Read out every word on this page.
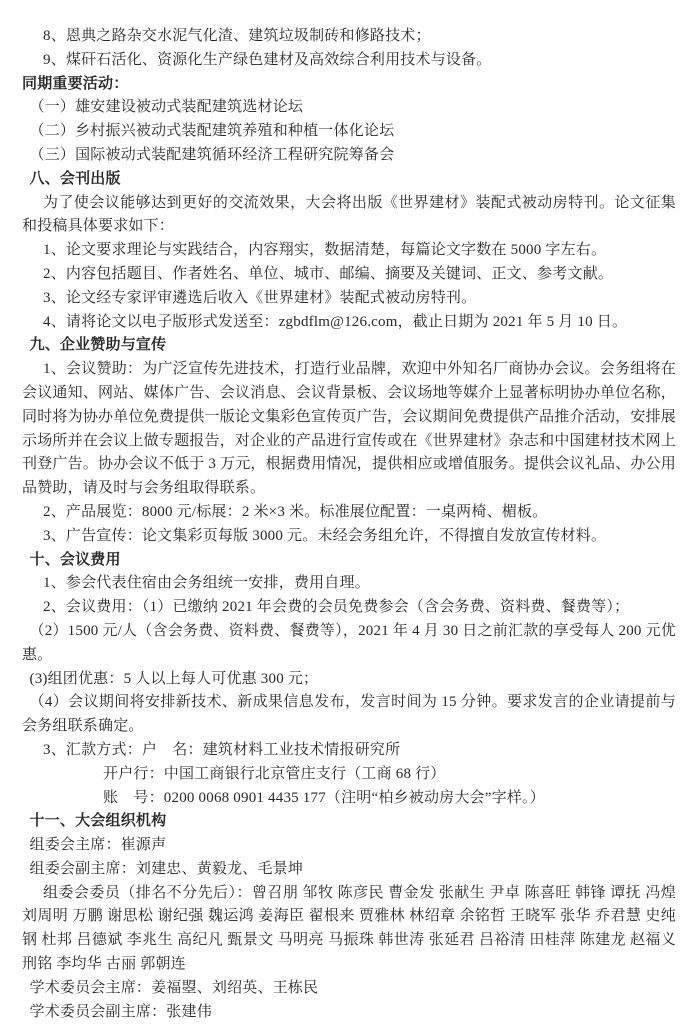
8、恩典之路杂交水泥气化渣、建筑垃圾制砖和修路技术；

9、煤矸石活化、资源化生产绿色建材及高效综合利用技术与设备。

同期重要活动：

（一）雄安建设被动式装配建筑选材论坛

（二）乡村振兴被动式装配建筑养殖和种植一体化论坛

（三）国际被动式装配建筑循环经济工程研究院筹备会

八、会刊出版

为了使会议能够达到更好的交流效果，大会将出版《世界建材》装配式被动房特刊。论文征集和投稿具体要求如下：

1、论文要求理论与实践结合，内容翔实，数据清楚，每篇论文字数在 5000 字左右。

2、内容包括题目、作者姓名、单位、城市、邮编、摘要及关键词、正文、参考文献。

3、论文经专家评审遴选后收入《世界建材》装配式被动房特刊。

4、请将论文以电子版形式发送至：zgbdflm@126.com，截止日期为 2021 年 5 月 10 日。

九、企业赞助与宣传

1、会议赞助：为广泛宣传先进技术，打造行业品牌，欢迎中外知名厂商协办会议。会务组将在会议通知、网站、媒体广告、会议消息、会议背景板、会议场地等媒介上显著标明协办单位名称，同时将为协办单位免费提供一版论文集彩色宣传页广告，会议期间免费提供产品推介活动，安排展示场所并在会议上做专题报告，对企业的产品进行宣传或在《世界建材》杂志和中国建材技术网上刊登广告。协办会议不低于 3 万元，根据费用情况，提供相应或增值服务。提供会议礼品、办公用品赞助，请及时与会务组取得联系。

2、产品展览：8000 元/标展：2 米×3 米。标准展位配置：一桌两椅、楣板。

3、广告宣传：论文集彩页每版 3000 元。未经会务组允许，不得擅自发放宣传材料。

十、会议费用

1、参会代表住宿由会务组统一安排，费用自理。

2、会议费用：（1）已缴纳 2021 年会费的会员免费参会（含会务费、资料费、餐费等）；

（2）1500 元/人（含会务费、资料费、餐费等），2021 年 4 月 30 日之前汇款的享受每人 200 元优惠。

(3)组团优惠：5 人以上每人可优惠 300 元；

（4）会议期间将安排新技术、新成果信息发布，发言时间为 15 分钟。要求发言的企业请提前与会务组联系确定。

3、汇款方式：户　名：建筑材料工业技术情报研究所

开户行：中国工商银行北京管庄支行（工商 68 行）

账　号：0200 0068 0901 4435 177（注明“柏乡被动房大会”字样。）

十一、大会组织机构

组委会主席：崔源声

组委会副主席：刘建忠、黄毅龙、毛景坤

组委会委员（排名不分先后）：曾召朋 邹牧 陈彦民 曹金发 张献生 尹卓 陈喜旺 韩锋 谭抚 冯煌 刘周明 万鹏 谢思松 谢纪强 魏运鸿 姜海臣 翟根来 贾雅林 林绍章 余铭哲 王晓军 张华 乔君慧 史纯钢 杜邦 吕德斌 李兆生 高纪凡 甄景文 马明亮 马振珠 韩世涛 张延君 吕裕清 田桂萍 陈建龙 赵福义 刑铭 李均华 古丽 郭朝连

学术委员会主席：姜福曌、刘绍英、王栋民

学术委员会副主席：张建伟
